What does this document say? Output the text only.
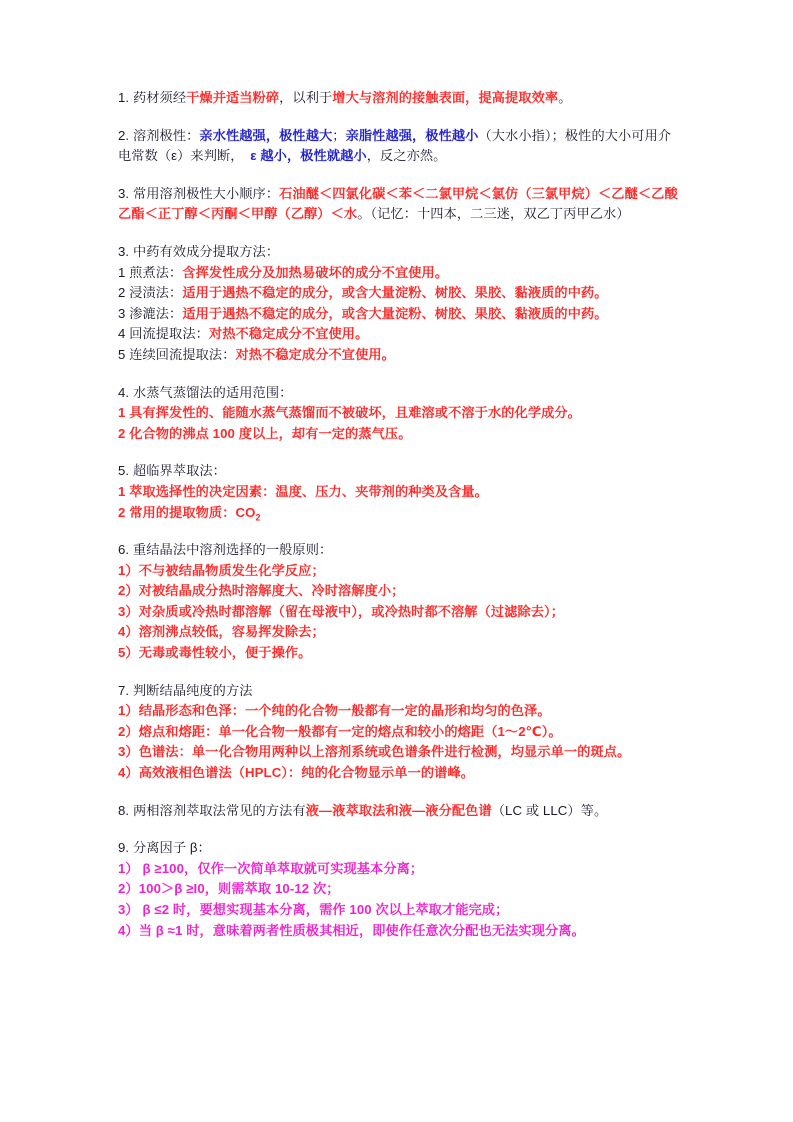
1. 药材须经干燥并适当粉碎，以利于增大与溶剂的接触表面，提高提取效率。

2. 溶剂极性：亲水性越强，极性越大；亲脂性越强，极性越小（大水小指）；极性的大小可用介电常数（ε）来判断，　ε 越小，极性就越小，反之亦然。

3. 常用溶剂极性大小顺序：石油醚＜四氯化碳＜苯＜二氯甲烷＜氯仿（三氯甲烷）＜乙醚＜乙酸乙酯＜正丁醇＜丙酮＜甲醇（乙醇）＜水。（记忆：十四本，二三迷，双乙丁丙甲乙水）

3. 中药有效成分提取方法：

1 煎煮法：含挥发性成分及加热易破坏的成分不宜使用。

2 浸渍法：适用于遇热不稳定的成分，或含大量淀粉、树胶、果胶、黏液质的中药。

3 渗漉法：适用于遇热不稳定的成分，或含大量淀粉、树胶、果胶、黏液质的中药。

4 回流提取法：对热不稳定成分不宜使用。

5 连续回流提取法：对热不稳定成分不宜使用。

4. 水蒸气蒸馏法的适用范围：

1 具有挥发性的、能随水蒸气蒸馏而不被破坏，且难溶或不溶于水的化学成分。

2 化合物的沸点 100 度以上，却有一定的蒸气压。

5. 超临界萃取法：

1 萃取选择性的决定因素：温度、压力、夹带剂的种类及含量。

2 常用的提取物质：$CO_2$

6. 重结晶法中溶剂选择的一般原则：

1）不与被结晶物质发生化学反应；

2）对被结晶成分热时溶解度大、冷时溶解度小；

3）对杂质或冷热时都溶解（留在母液中），或冷热时都不溶解（过滤除去）；

4）溶剂沸点较低，容易挥发除去；

5）无毒或毒性较小，便于操作。

7. 判断结晶纯度的方法

1）结晶形态和色泽：一个纯的化合物一般都有一定的晶形和均匀的色泽。

2）熔点和熔距：单一化合物一般都有一定的熔点和较小的熔距（1～2℃）。

3）色谱法：单一化合物用两种以上溶剂系统或色谱条件进行检测，均显示单一的斑点。

4）高效液相色谱法（HPLC）：纯的化合物显示单一的谱峰。

8. 两相溶剂萃取法常见的方法有液—液萃取法和液—液分配色谱（LC 或 LLC）等。

9. 分离因子 β：

1） β ≥100，仅作一次简单萃取就可实现基本分离；

2）100＞β ≥I0，则需萃取 10-12 次；

3） β ≤2 时，要想实现基本分离，需作 100 次以上萃取才能完成；

4）当 β ≈1 时，意味着两者性质极其相近，即使作任意次分配也无法实现分离。
